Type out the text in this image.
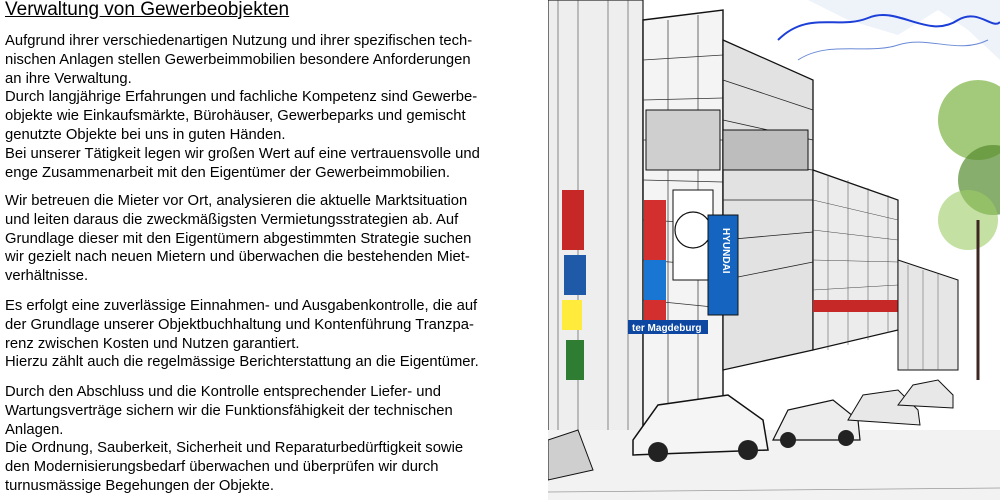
Verwaltung von Gewerbeobjekten

Aufgrund ihrer verschiedenartigen Nutzung und ihrer spezifischen tech-
nischen Anlagen stellen Gewerbeimmobilien besondere Anforderungen
an ihre Verwaltung.
Durch langjährige Erfahrungen und fachliche Kompetenz sind Gewerbe-
objekte wie Einkaufsmärkte, Bürohäuser, Gewerbeparks und gemischt
genutzte Objekte bei uns in guten Händen.
Bei unserer Tätigkeit legen wir großen Wert auf eine vertrauensvolle und
enge Zusammenarbeit mit den Eigentümer der Gewerbeimmobilien.

Wir betreuen die Mieter vor Ort, analysieren die aktuelle Marktsituation
und leiten daraus die zweckmäßigsten Vermietungsstrategien ab. Auf
Grundlage dieser mit den Eigentümern abgestimmten Strategie suchen
wir gezielt nach neuen Mietern und überwachen die bestehenden Miet-
verhältnisse.

Es erfolgt eine zuverlässige Einnahmen- und Ausgabenkontrolle, die auf
der Grundlage unserer Objektbuchhaltung und Kontenführung Tranzpa-
renz zwischen Kosten und Nutzen garantiert.
Hierzu zählt auch die regelmässige Berichterstattung an die Eigentümer.

Durch den Abschluss und die Kontrolle entsprechender Liefer- und
Wartungsverträge sichern wir die Funktionsfähigkeit der technischen
Anlagen.
Die Ordnung, Sauberkeit, Sicherheit und Reparaturbedürftigkeit sowie
den Modernisierungsbedarf überwachen und überprüfen wir durch
turnusmässige Begehungen der Objekte.

HYUNDAI
ter Magdeburg
